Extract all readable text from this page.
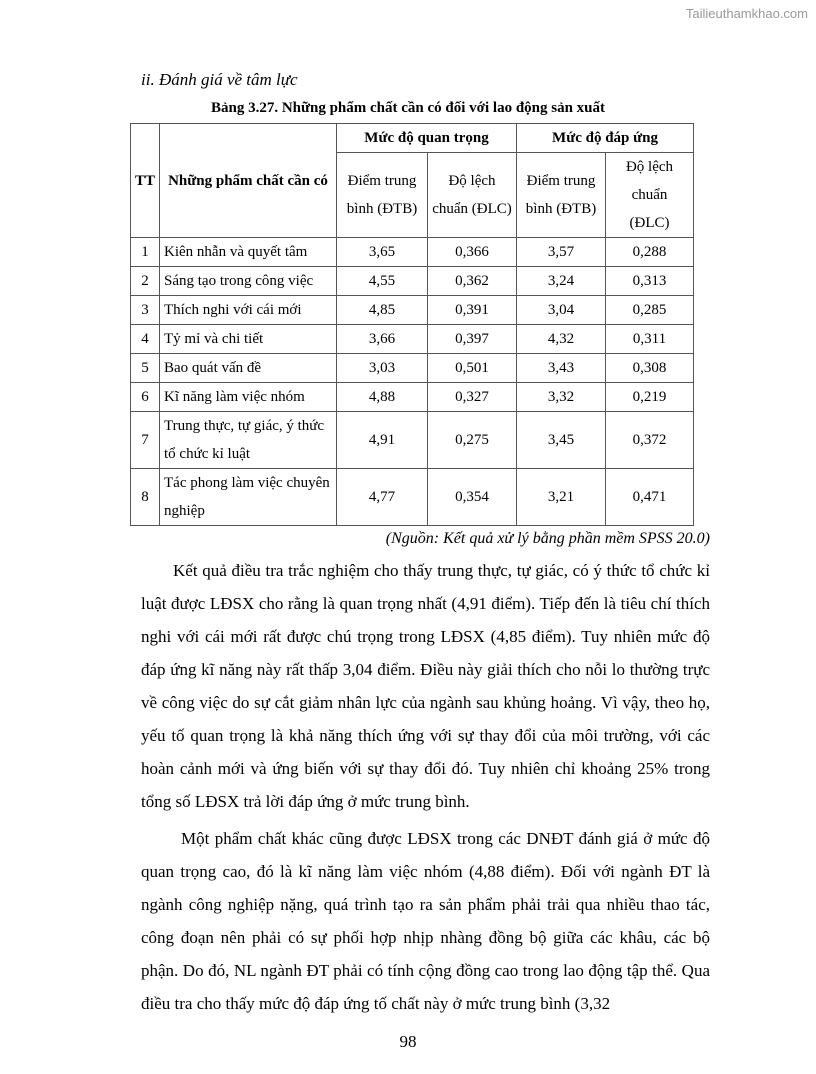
Tailieuthamkhao.com
ii. Đánh giá về tâm lực
Bảng 3.27. Những phẩm chất cần có đối với lao động sản xuất
TT	Những phẩm chất cần có	Mức độ quan trọng		Mức độ đáp ứng	
		Điểm trung bình (ĐTB)	Độ lệch chuẩn (ĐLC)	Điểm trung bình (ĐTB)	Độ lệch chuẩn (ĐLC)

1	Kiên nhẫn và quyết tâm	3,65	0,366	3,57	0,288
2	Sáng tạo trong công việc	4,55	0,362	3,24	0,313
3	Thích nghi với cái mới	4,85	0,391	3,04	0,285
4	Tỷ mỉ và chi tiết	3,66	0,397	4,32	0,311
5	Bao quát vấn đề	3,03	0,501	3,43	0,308
6	Kĩ năng làm việc nhóm	4,88	0,327	3,32	0,219
7	Trung thực, tự giác, ý thức tổ chức kỉ luật	4,91	0,275	3,45	0,372
8	Tác phong làm việc chuyên nghiệp	4,77	0,354	3,21	0,471
(Nguồn: Kết quả xử lý bằng phần mềm SPSS 20.0)
Kết quả điều tra trắc nghiệm cho thấy trung thực, tự giác, có ý thức tổ chức kỉ luật được LĐSX cho rằng là quan trọng nhất (4,91 điểm). Tiếp đến là tiêu chí thích nghi với cái mới rất được chú trọng trong LĐSX (4,85 điểm). Tuy nhiên mức độ đáp ứng kĩ năng này rất thấp 3,04 điểm. Điều này giải thích cho nỗi lo thường trực về công việc do sự cắt giảm nhân lực của ngành sau khủng hoảng. Vì vậy, theo họ, yếu tố quan trọng là khả năng thích ứng với sự thay đổi của môi trường, với các hoàn cảnh mới và ứng biến với sự thay đổi đó. Tuy nhiên chỉ khoảng 25% trong tổng số LĐSX trả lời đáp ứng ở mức trung bình.
Một phẩm chất khác cũng được LĐSX trong các DNĐT đánh giá ở mức độ quan trọng cao, đó là kĩ năng làm việc nhóm (4,88 điểm). Đối với ngành ĐT là ngành công nghiệp nặng, quá trình tạo ra sản phẩm phải trải qua nhiều thao tác, công đoạn nên phải có sự phối hợp nhịp nhàng đồng bộ giữa các khâu, các bộ phận. Do đó, NL ngành ĐT phải có tính cộng đồng cao trong lao động tập thể. Qua điều tra cho thấy mức độ đáp ứng tố chất này ở mức trung bình (3,32
98
